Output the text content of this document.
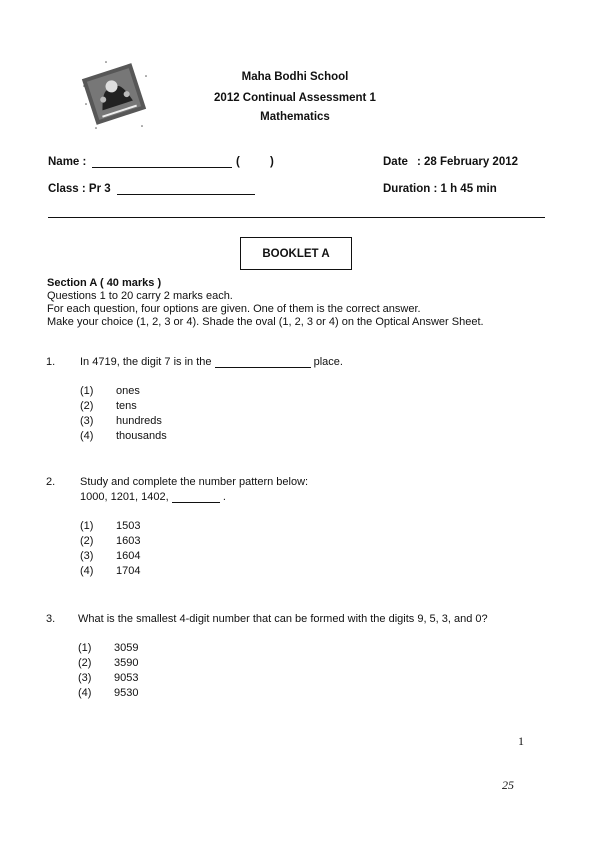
Maha Bodhi School
2012 Continual Assessment 1
Mathematics
Name :	(	)	Date : 28 February 2012
Class : Pr 3	Duration : 1 h 45 min
BOOKLET A
Section A ( 40 marks )
Questions 1 to 20 carry 2 marks each.
For each question, four options are given. One of them is the correct answer.
Make your choice (1, 2, 3 or 4). Shade the oval (1, 2, 3 or 4) on the Optical Answer Sheet.
1. In 4719, the digit 7 is in the	place.
(1) ones
(2) tens
(3) hundreds
(4) thousands
2. Study and complete the number pattern below:
1000, 1201, 1402,	.
(1) 1503
(2) 1603
(3) 1604
(4) 1704
3. What is the smallest 4-digit number that can be formed with the digits 9, 5, 3, and 0?
(1) 3059
(2) 3590
(3) 9053
(4) 9530
1
25
